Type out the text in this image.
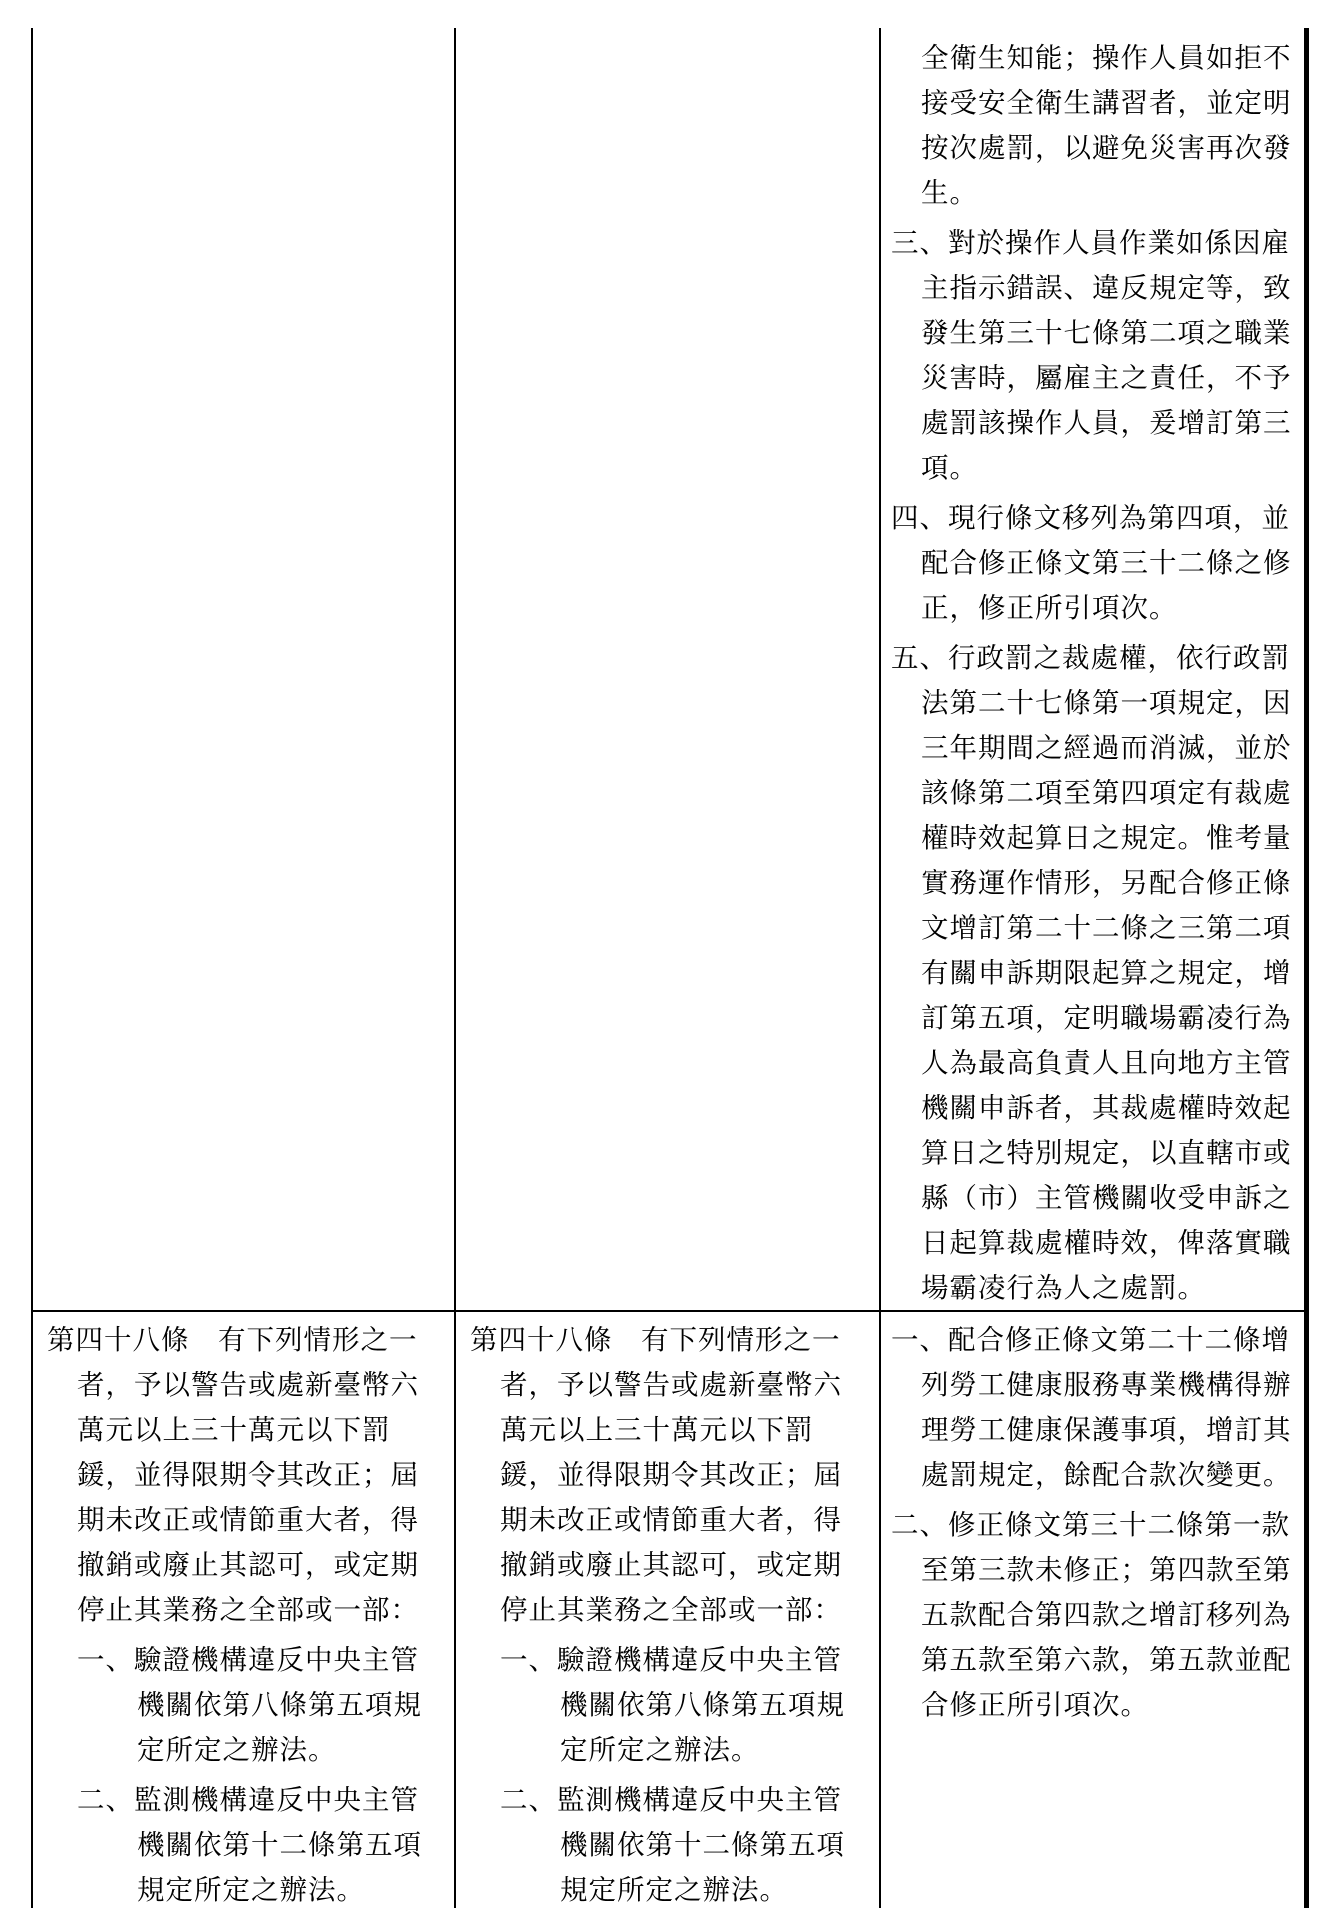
全衛生知能；操作人員如拒不接受安全衛生講習者，並定明按次處罰，以避免災害再次發生。

三、對於操作人員作業如係因雇主指示錯誤、違反規定等，致發生第三十七條第二項之職業災害時，屬雇主之責任，不予處罰該操作人員，爰增訂第三項。

四、現行條文移列為第四項，並配合修正條文第三十二條之修正，修正所引項次。

五、行政罰之裁處權，依行政罰法第二十七條第一項規定，因三年期間之經過而消滅，並於該條第二項至第四項定有裁處權時效起算日之規定。惟考量實務運作情形，另配合修正條文增訂第二十二條之三第二項有關申訴期限起算之規定，增訂第五項，定明職場霸凌行為人為最高負責人且向地方主管機關申訴者，其裁處權時效起算日之特別規定，以直轄市或縣（市）主管機關收受申訴之日起算裁處權時效，俾落實職場霸凌行為人之處罰。

第四十八條　有下列情形之一者，予以警告或處新臺幣六萬元以上三十萬元以下罰鍰，並得限期令其改正；屆期未改正或情節重大者，得撤銷或廢止其認可，或定期停止其業務之全部或一部：

一、驗證機構違反中央主管機關依第八條第五項規定所定之辦法。

二、監測機構違反中央主管機關依第十二條第五項規定所定之辦法。

第四十八條　有下列情形之一者，予以警告或處新臺幣六萬元以上三十萬元以下罰鍰，並得限期令其改正；屆期未改正或情節重大者，得撤銷或廢止其認可，或定期停止其業務之全部或一部：

一、驗證機構違反中央主管機關依第八條第五項規定所定之辦法。

二、監測機構違反中央主管機關依第十二條第五項規定所定之辦法。

一、配合修正條文第二十二條增列勞工健康服務專業機構得辦理勞工健康保護事項，增訂其處罰規定，餘配合款次變更。

二、修正條文第三十二條第一款至第三款未修正；第四款至第五款配合第四款之增訂移列為第五款至第六款，第五款並配合修正所引項次。
